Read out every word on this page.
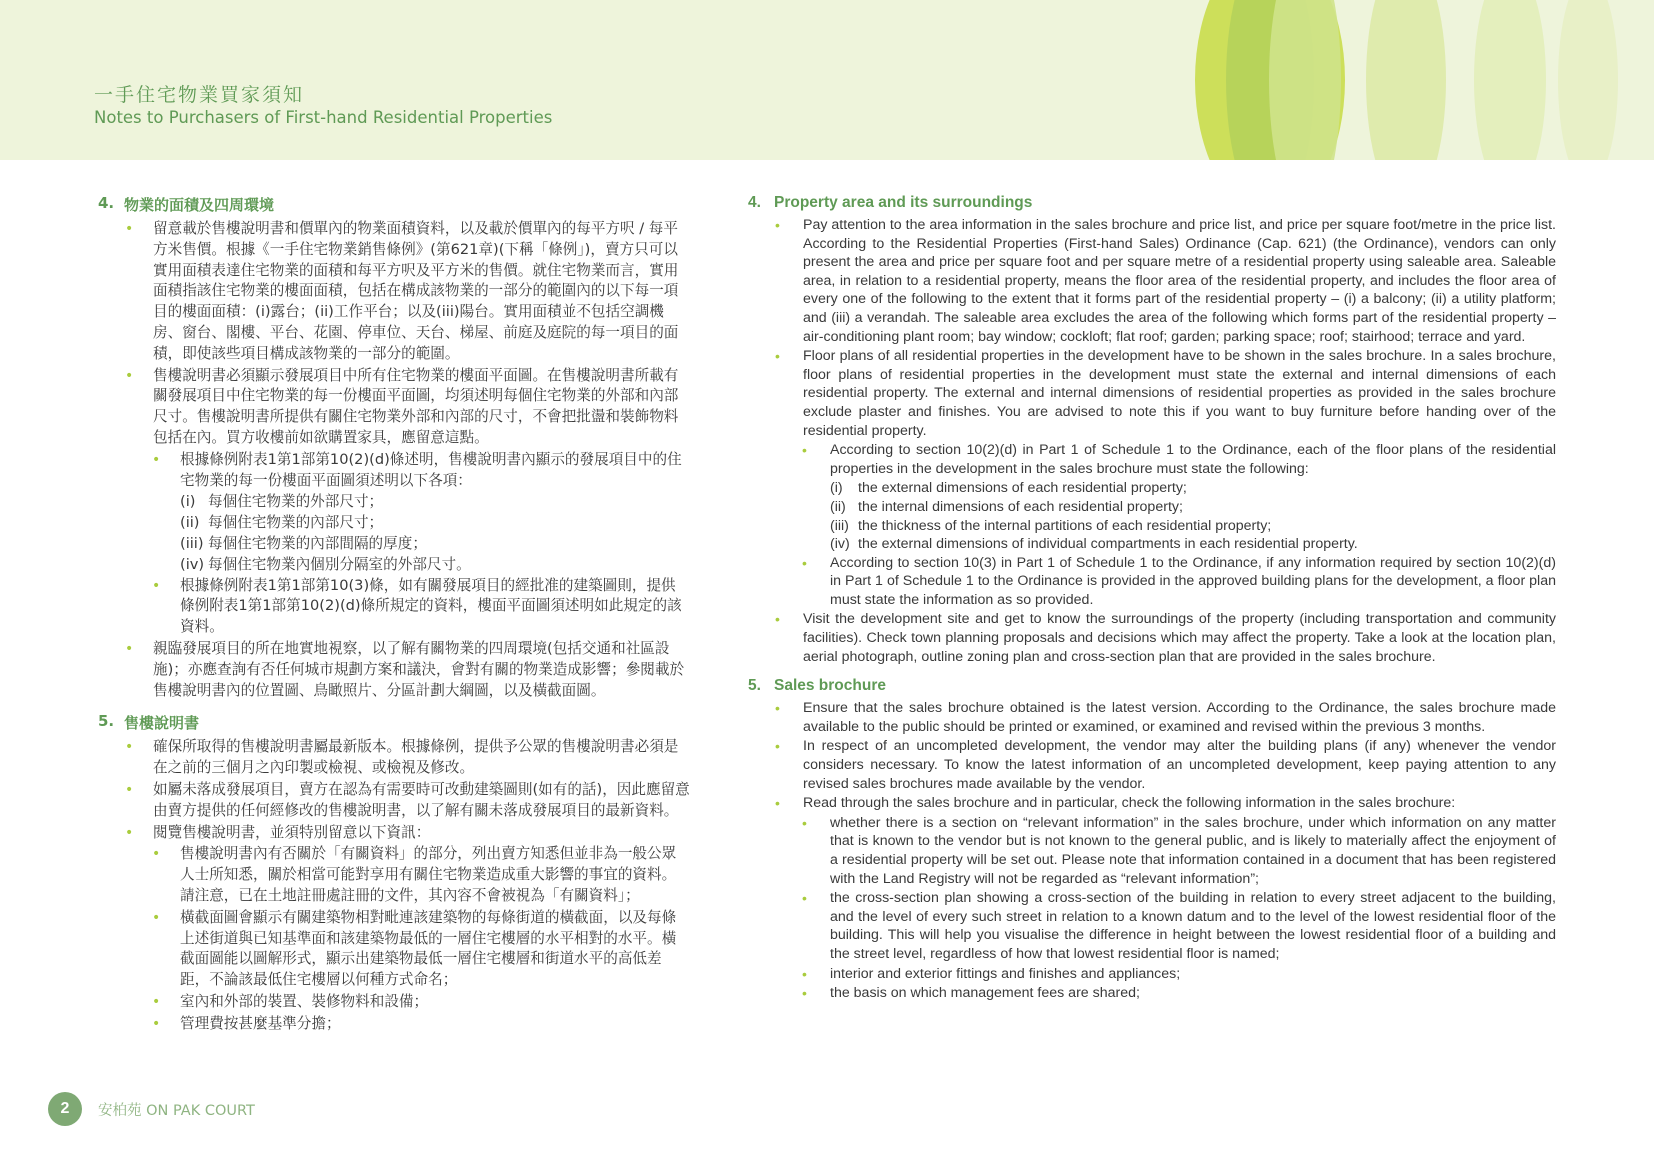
一手住宅物業買家須知
Notes to Purchasers of First-hand Residential Properties
4. 物業的面積及四周環境
• 留意載於售樓說明書和價單內的物業面積資料，以及載於價單內的每平方呎 / 每平方米售價。根據《一手住宅物業銷售條例》(第621章)(下稱「條例」)，賣方只可以實用面積表達住宅物業的面積和每平方呎及平方米的售價。就住宅物業而言，實用面積指該住宅物業的樓面面積，包括在構成該物業的一部分的範圍內的以下每一項目的樓面面積：(i)露台；(ii)工作平台；以及(iii)陽台。實用面積並不包括空調機房、窗台、閣樓、平台、花園、停車位、天台、梯屋、前庭及庭院的每一項目的面積，即使該些項目構成該物業的一部分的範圍。
• 售樓說明書必須顯示發展項目中所有住宅物業的樓面平面圖。在售樓說明書所載有關發展項目中住宅物業的每一份樓面平面圖，均須述明每個住宅物業的外部和內部尺寸。售樓說明書所提供有關住宅物業外部和內部的尺寸，不會把批盪和裝飾物料包括在內。買方收樓前如欲購置家具，應留意這點。
• 根據條例附表1第1部第10(2)(d)條述明，售樓說明書內顯示的發展項目中的住宅物業的每一份樓面平面圖須述明以下各項：
(i) 每個住宅物業的外部尺寸；
(ii) 每個住宅物業的內部尺寸；
(iii) 每個住宅物業的內部間隔的厚度；
(iv) 每個住宅物業內個別分隔室的外部尺寸。
• 根據條例附表1第1部第10(3)條，如有關發展項目的經批准的建築圖則，提供條例附表1第1部第10(2)(d)條所規定的資料，樓面平面圖須述明如此規定的該資料。
• 親臨發展項目的所在地實地視察，以了解有關物業的四周環境(包括交通和社區設施)；亦應查詢有否任何城市規劃方案和議決，會對有關的物業造成影響；參閱載於售樓說明書內的位置圖、鳥瞰照片、分區計劃大綱圖，以及橫截面圖。
5. 售樓說明書
• 確保所取得的售樓說明書屬最新版本。根據條例，提供予公眾的售樓說明書必須是在之前的三個月之內印製或檢視、或檢視及修改。
• 如屬未落成發展項目，賣方在認為有需要時可改動建築圖則(如有的話)，因此應留意由賣方提供的任何經修改的售樓說明書，以了解有關未落成發展項目的最新資料。
• 閱覽售樓說明書，並須特別留意以下資訊：
• 售樓說明書內有否關於「有關資料」的部分，列出賣方知悉但並非為一般公眾人士所知悉，關於相當可能對享用有關住宅物業造成重大影響的事宜的資料。請注意，已在土地註冊處註冊的文件，其內容不會被視為「有關資料」；
• 橫截面圖會顯示有關建築物相對毗連該建築物的每條街道的橫截面，以及每條上述街道與已知基準面和該建築物最低的一層住宅樓層的水平相對的水平。橫截面圖能以圖解形式，顯示出建築物最低一層住宅樓層和街道水平的高低差距，不論該最低住宅樓層以何種方式命名；
• 室內和外部的裝置、裝修物料和設備；
• 管理費按甚麼基準分擔；
4. Property area and its surroundings
• Pay attention to the area information in the sales brochure and price list, and price per square foot/metre in the price list. According to the Residential Properties (First-hand Sales) Ordinance (Cap. 621) (the Ordinance), vendors can only present the area and price per square foot and per square metre of a residential property using saleable area. Saleable area, in relation to a residential property, means the floor area of the residential property, and includes the floor area of every one of the following to the extent that it forms part of the residential property – (i) a balcony; (ii) a utility platform; and (iii) a verandah. The saleable area excludes the area of the following which forms part of the residential property – air-conditioning plant room; bay window; cockloft; flat roof; garden; parking space; roof; stairhood; terrace and yard.
• Floor plans of all residential properties in the development have to be shown in the sales brochure. In a sales brochure, floor plans of residential properties in the development must state the external and internal dimensions of each residential property. The external and internal dimensions of residential properties as provided in the sales brochure exclude plaster and finishes. You are advised to note this if you want to buy furniture before handing over of the residential property.
• According to section 10(2)(d) in Part 1 of Schedule 1 to the Ordinance, each of the floor plans of the residential properties in the development in the sales brochure must state the following:
(i) the external dimensions of each residential property;
(ii) the internal dimensions of each residential property;
(iii) the thickness of the internal partitions of each residential property;
(iv) the external dimensions of individual compartments in each residential property.
• According to section 10(3) in Part 1 of Schedule 1 to the Ordinance, if any information required by section 10(2)(d) in Part 1 of Schedule 1 to the Ordinance is provided in the approved building plans for the development, a floor plan must state the information as so provided.
• Visit the development site and get to know the surroundings of the property (including transportation and community facilities). Check town planning proposals and decisions which may affect the property. Take a look at the location plan, aerial photograph, outline zoning plan and cross-section plan that are provided in the sales brochure.
5. Sales brochure
• Ensure that the sales brochure obtained is the latest version. According to the Ordinance, the sales brochure made available to the public should be printed or examined, or examined and revised within the previous 3 months.
• In respect of an uncompleted development, the vendor may alter the building plans (if any) whenever the vendor considers necessary. To know the latest information of an uncompleted development, keep paying attention to any revised sales brochures made available by the vendor.
• Read through the sales brochure and in particular, check the following information in the sales brochure:
• whether there is a section on “relevant information” in the sales brochure, under which information on any matter that is known to the vendor but is not known to the general public, and is likely to materially affect the enjoyment of a residential property will be set out. Please note that information contained in a document that has been registered with the Land Registry will not be regarded as “relevant information”;
• the cross-section plan showing a cross-section of the building in relation to every street adjacent to the building, and the level of every such street in relation to a known datum and to the level of the lowest residential floor of the building. This will help you visualise the difference in height between the lowest residential floor of a building and the street level, regardless of how that lowest residential floor is named;
• interior and exterior fittings and finishes and appliances;
• the basis on which management fees are shared;
2	安柏苑 ON PAK COURT
